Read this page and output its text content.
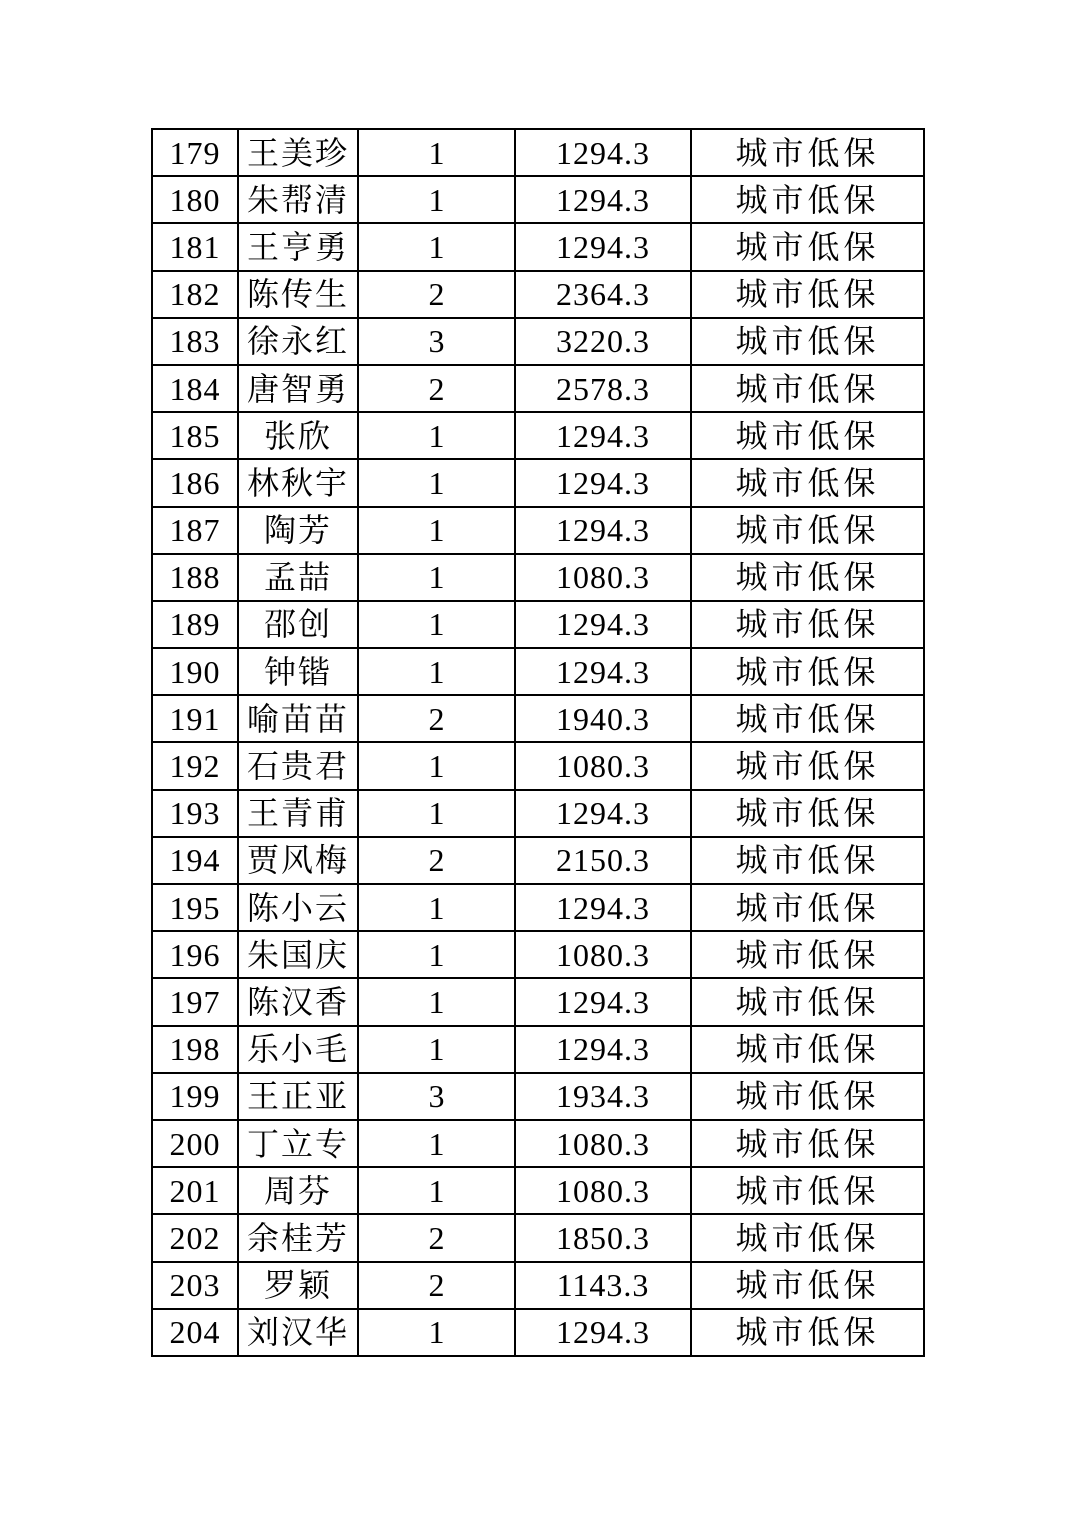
179	王美珍	1	1294.3	城市低保
180	朱帮清	1	1294.3	城市低保
181	王亨勇	1	1294.3	城市低保
182	陈传生	2	2364.3	城市低保
183	徐永红	3	3220.3	城市低保
184	唐智勇	2	2578.3	城市低保
185	张欣	1	1294.3	城市低保
186	林秋宇	1	1294.3	城市低保
187	陶芳	1	1294.3	城市低保
188	孟喆	1	1080.3	城市低保
189	邵创	1	1294.3	城市低保
190	钟锴	1	1294.3	城市低保
191	喻苗苗	2	1940.3	城市低保
192	石贵君	1	1080.3	城市低保
193	王青甫	1	1294.3	城市低保
194	贾风梅	2	2150.3	城市低保
195	陈小云	1	1294.3	城市低保
196	朱国庆	1	1080.3	城市低保
197	陈汉香	1	1294.3	城市低保
198	乐小毛	1	1294.3	城市低保
199	王正亚	3	1934.3	城市低保
200	丁立专	1	1080.3	城市低保
201	周芬	1	1080.3	城市低保
202	余桂芳	2	1850.3	城市低保
203	罗颖	2	1143.3	城市低保
204	刘汉华	1	1294.3	城市低保
